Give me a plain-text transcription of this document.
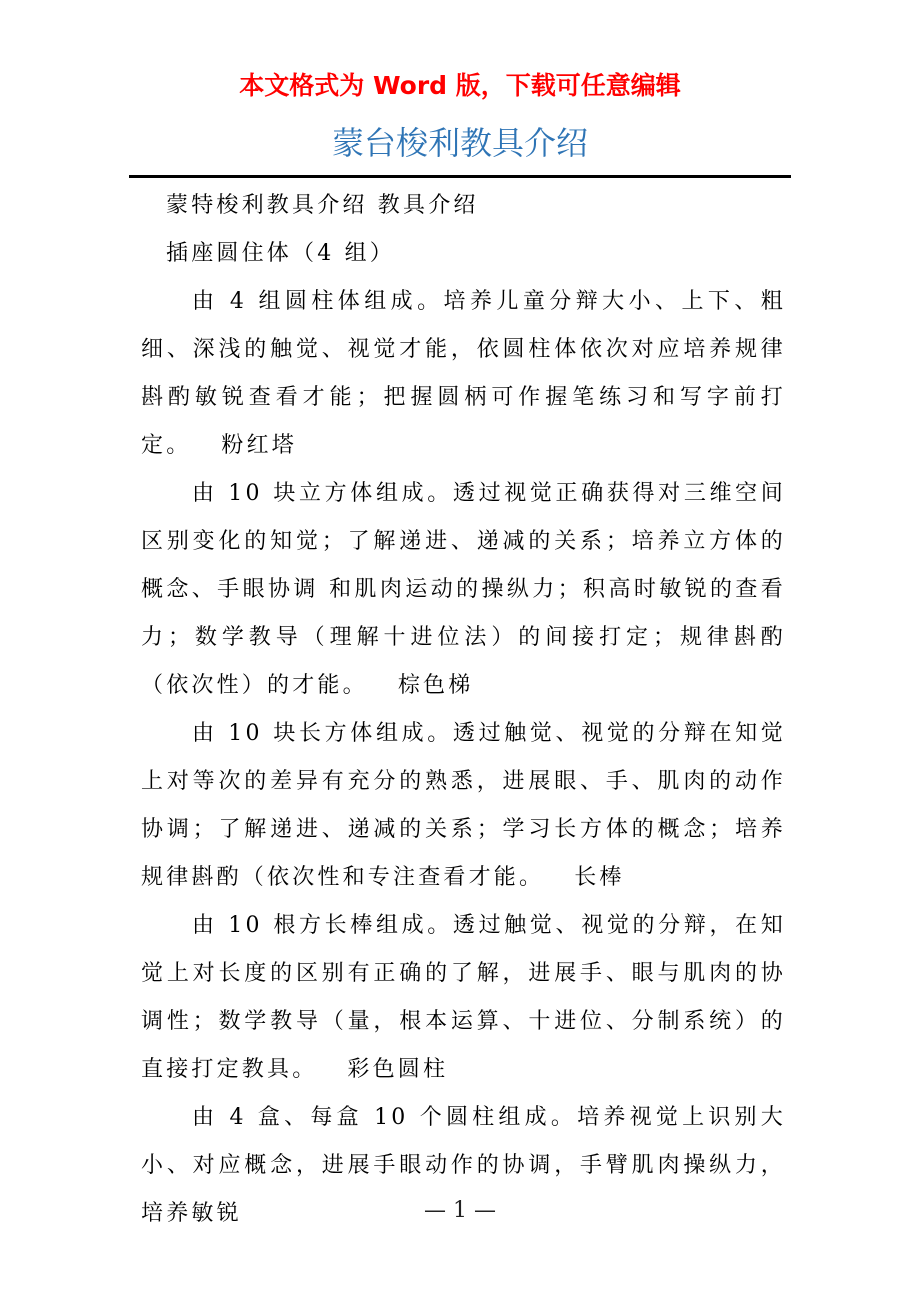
本文格式为 Word 版，下载可任意编辑
蒙台梭利教具介绍

蒙特梭利教具介绍 教具介绍

插座圆住体（4 组）

由 4 组圆柱体组成。培养儿童分辩大小、上下、粗细、深浅的触觉、视觉才能，依圆柱体依次对应培养规律斟酌敏锐查看才能；把握圆柄可作握笔练习和写字前打定。 粉红塔

由 10 块立方体组成。透过视觉正确获得对三维空间区别变化的知觉；了解递进、递减的关系；培养立方体的概念、手眼协调 和肌肉运动的操纵力；积高时敏锐的查看力；数学教导（理解十进位法）的间接打定；规律斟酌（依次性）的才能。 棕色梯

由 10 块长方体组成。透过触觉、视觉的分辩在知觉上对等次的差异有充分的熟悉，进展眼、手、肌肉的动作协调；了解递进、递减的关系；学习长方体的概念；培养规律斟酌（依次性和专注查看才能。 长棒

由 10 根方长棒组成。透过触觉、视觉的分辩，在知觉上对长度的区别有正确的了解，进展手、眼与肌肉的协调性；数学教导（量，根本运算、十进位、分制系统）的直接打定教具。 彩色圆柱

由 4 盒、每盒 10 个圆柱组成。培养视觉上识别大小、对应概念，进展手眼动作的协调，手臂肌肉操纵力，培养敏锐	— 1 —
